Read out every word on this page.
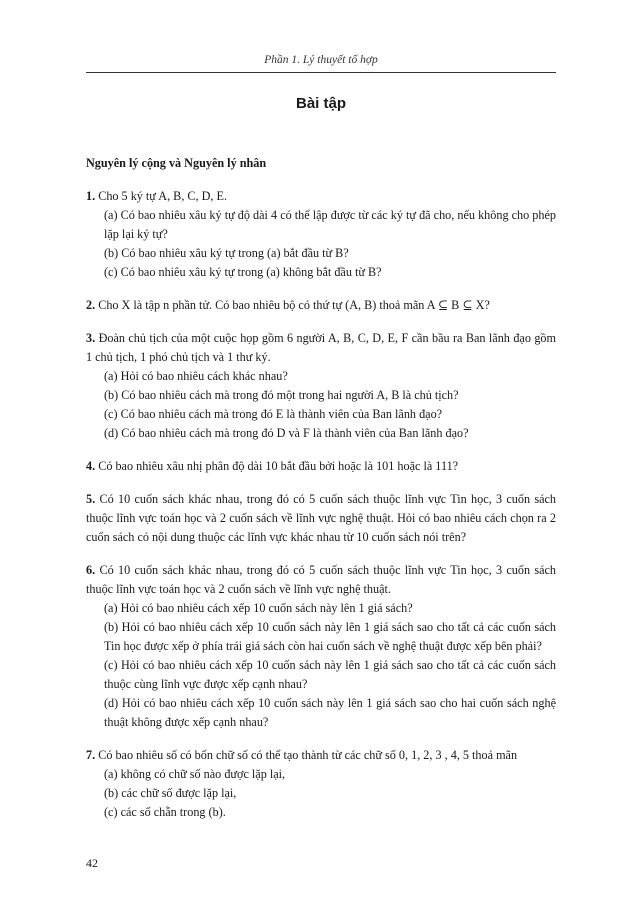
Phần 1. Lý thuyết tổ hợp
Bài tập
Nguyên lý cộng và Nguyên lý nhân
1. Cho 5 ký tự A, B, C, D, E.
(a) Có bao nhiêu xâu ký tự độ dài 4 có thể lập được từ các ký tự đã cho, nếu không cho phép lặp lại ký tự?
(b) Có bao nhiêu xâu ký tự trong (a) bắt đầu từ B?
(c) Có bao nhiêu xâu ký tự trong (a) không bắt đầu từ B?
2. Cho X là tập n phần tử. Có bao nhiêu bộ có thứ tự (A, B) thoả mãn A ⊆ B ⊆ X?
3. Đoàn chủ tịch của một cuộc họp gồm 6 người A, B, C, D, E, F cần bầu ra Ban lãnh đạo gồm 1 chủ tịch, 1 phó chủ tịch và 1 thư ký.
(a) Hỏi có bao nhiêu cách khác nhau?
(b) Có bao nhiêu cách mà trong đó một trong hai người A, B là chủ tịch?
(c) Có bao nhiêu cách mà trong đó E là thành viên của Ban lãnh đạo?
(d) Có bao nhiêu cách mà trong đó D và F là thành viên của Ban lãnh đạo?
4. Có bao nhiêu xâu nhị phân độ dài 10 bắt đầu bởi hoặc là 101 hoặc là 111?
5. Có 10 cuốn sách khác nhau, trong đó có 5 cuốn sách thuộc lĩnh vực Tin học, 3 cuốn sách thuộc lĩnh vực toán học và 2 cuốn sách về lĩnh vực nghệ thuật. Hỏi có bao nhiêu cách chọn ra 2 cuốn sách có nội dung thuộc các lĩnh vực khác nhau từ 10 cuốn sách nói trên?
6. Có 10 cuốn sách khác nhau, trong đó có 5 cuốn sách thuộc lĩnh vực Tin học, 3 cuốn sách thuộc lĩnh vực toán học và 2 cuốn sách về lĩnh vực nghệ thuật.
(a) Hỏi có bao nhiêu cách xếp 10 cuốn sách này lên 1 giá sách?
(b) Hỏi có bao nhiêu cách xếp 10 cuốn sách này lên 1 giá sách sao cho tất cả các cuốn sách Tin học được xếp ở phía trái giá sách còn hai cuốn sách về nghệ thuật được xếp bên phải?
(c) Hỏi có bao nhiêu cách xếp 10 cuốn sách này lên 1 giá sách sao cho tất cả các cuốn sách thuộc cùng lĩnh vực được xếp cạnh nhau?
(d) Hỏi có bao nhiêu cách xếp 10 cuốn sách này lên 1 giá sách sao cho hai cuốn sách nghệ thuật không được xếp cạnh nhau?
7. Có bao nhiêu số có bốn chữ số có thể tạo thành từ các chữ số 0, 1, 2, 3 , 4, 5 thoả mãn
(a) không có chữ số nào được lặp lại,
(b) các chữ số được lặp lại,
(c) các số chẵn trong (b).
42
